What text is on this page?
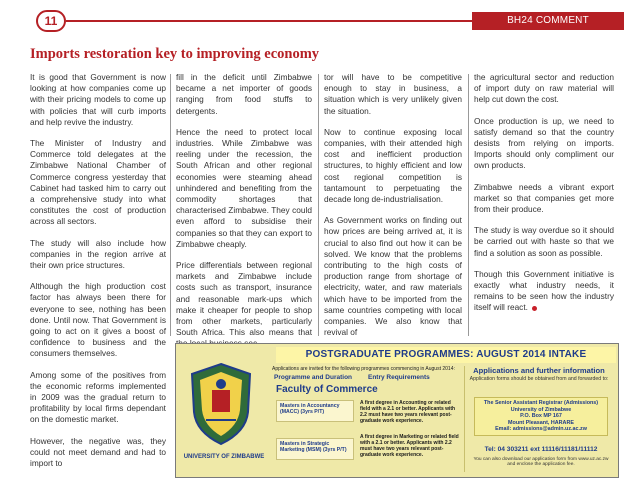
11	BH24 COMMENT
Imports restoration key to improving economy

It is good that Government is now looking at how companies come up with their pricing models to come up with policies that will curb imports and help revive the industry.

The Minister of Industry and Commerce told delegates at the Zimbabwe National Chamber of Commerce congress yesterday that Cabinet had tasked him to carry out a comprehensive study into what constitutes the cost of production across all sectors.

The study will also include how companies in the region arrive at their own price structures.

Although the high production cost factor has always been there for everyone to see, nothing has been done. Until now. That Government is going to act on it gives a boost of confidence to business and the consumers themselves.

Among some of the positives from the economic reforms implemented in 2009 was the gradual return to profitability by local firms dependant on the domestic market.

However, the negative was, they could not meet demand and had to import to

fill in the deficit until Zimbabwe became a net importer of goods ranging from food stuffs to detergents.

Hence the need to protect local industries. While Zimbabwe was reeling under the recession, the South African and other regional economies were steaming ahead unhindered and benefiting from the commodity shortages that characterised Zimbabwe. They could even afford to subsidise their companies so that they can export to Zimbabwe cheaply.

Price differentials between regional markets and Zimbabwe include costs such as transport, insurance and reasonable mark-ups which make it cheaper for people to shop from other markets, particularly South Africa. This also means that

tor will have to be competitive enough to stay in business, a situation which is very unlikely given the situation.

Now to continue exposing local companies, with their attended high cost and inefficient production structures, to highly efficient and low cost regional competition is tantamount to perpetuating the decade long de-industrialisation.

As Government works on finding out how prices are being arrived at, it is crucial to also find out how it can be solved. We know that the problems contributing to the high costs of production range from shortage of electricity, water, and raw materials which have to be imported from the same countries competing with local companies. We also know that revival of

the agricultural sector and reduction of import duty on raw material will help cut down the cost.

Once production is up, we need to satisfy demand so that the country desists from relying on imports. Imports should only compliment our own products.

Zimbabwe needs a vibrant export market so that companies get more from their produce.

The study is way overdue so it should be carried out with haste so that we find a solution as soon as possible.

Though this Government initiative is exactly what industry needs, it remains to be seen how the industry itself will react.

POSTGRADUATE PROGRAMMES: AUGUST 2014 INTAKE
UNIVERSITY OF ZIMBABWE
Applications are invited for the following programmes commencing in August 2014:
Programme and Duration Entry Requirements
Faculty of Commerce
Masters in Accountancy (MACC) (3yrs P/T)
A first degree in Accounting or related field with a 2.1 or better. Applicants with 2.2 must have two years relevant post-graduate work experience.
Masters in Strategic Marketing (MSM) (3yrs P/T)
A first degree in Marketing or related field with a 2.1 or better. Applicants with 2.2 must have two years relevant post-graduate work experience.
Applications and further information
Application forms should be obtained from and forwarded to:
The Senior Assistant Registrar (Admissions)
University of Zimbabwe
P.O. Box MP 167
Mount Pleasant, HARARE
Email: admissions@admin.uz.ac.zw
Tel: 04 303211 ext 11116/11181/11112
You can also download our application form from www.uz.ac.zw and enclose the application fee.
